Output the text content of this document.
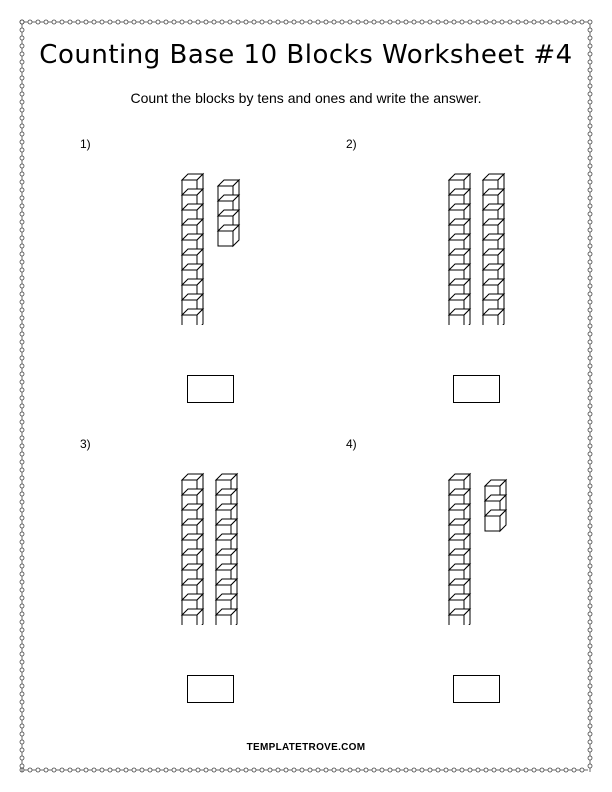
Counting Base 10 Blocks Worksheet #4
Count the blocks by tens and ones and write the answer.
1)	2)
3)	4)
TEMPLATETROVE.COM
